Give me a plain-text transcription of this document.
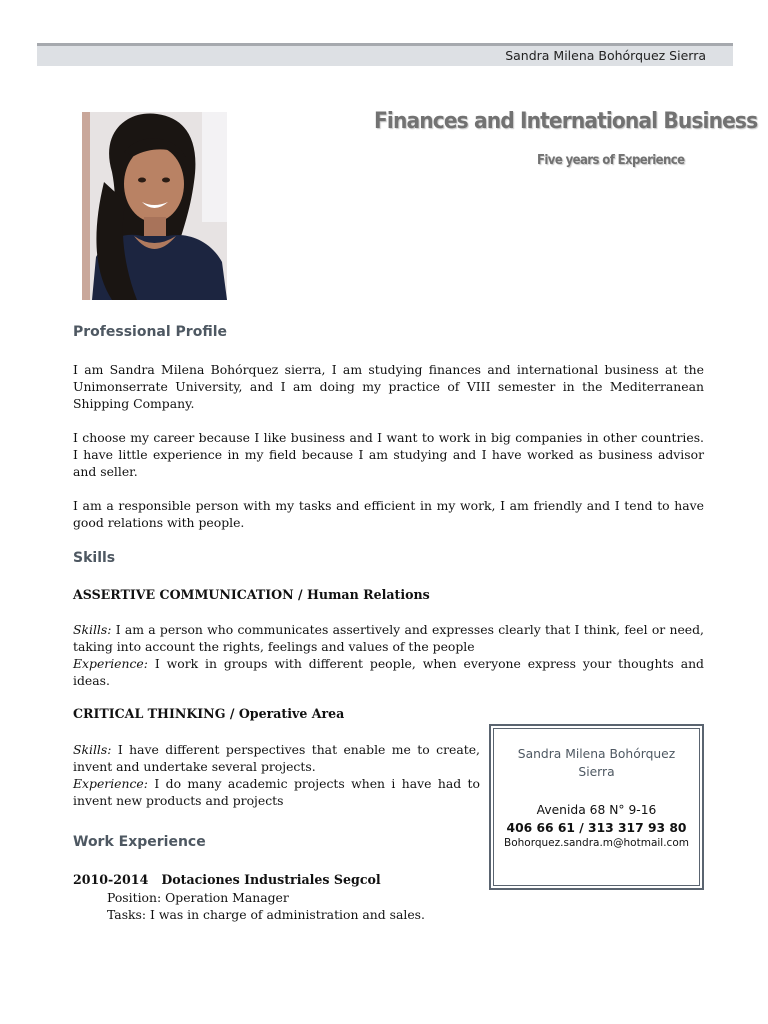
Sandra Milena Bohórquez Sierra
Finances and International Business
Five years of Experience
Professional Profile

I am Sandra Milena Bohórquez sierra, I am studying finances and international business at the Unimonserrate University, and I am doing my practice of VIII semester in the Mediterranean Shipping Company.

I choose my career because I like business and I want to work in big companies in other countries. I have little experience in my field because I am studying and I have worked as business advisor and seller.

I am a responsible person with my tasks and efficient in my work, I am friendly and I tend to have good relations with people.

Skills
ASSERTIVE COMMUNICATION / Human Relations

Skills: I am a person who communicates assertively and expresses clearly that I think, feel or need, taking into account the rights, feelings and values of the people
Experience: I work in groups with different people, when everyone express your thoughts and ideas.

CRITICAL THINKING / Operative Area

Skills: I have different perspectives that enable me to create, invent and undertake several projects.
Experience: I do many academic projects when i have had to invent new products and projects

Work Experience
2010-2014 Dotaciones Industriales Segcol
Position: Operation Manager
Tasks: I was in charge of administration and sales.
Sandra Milena Bohórquez Sierra
Avenida 68 N° 9-16
406 66 61 / 313 317 93 80
Bohorquez.sandra.m@hotmail.com
